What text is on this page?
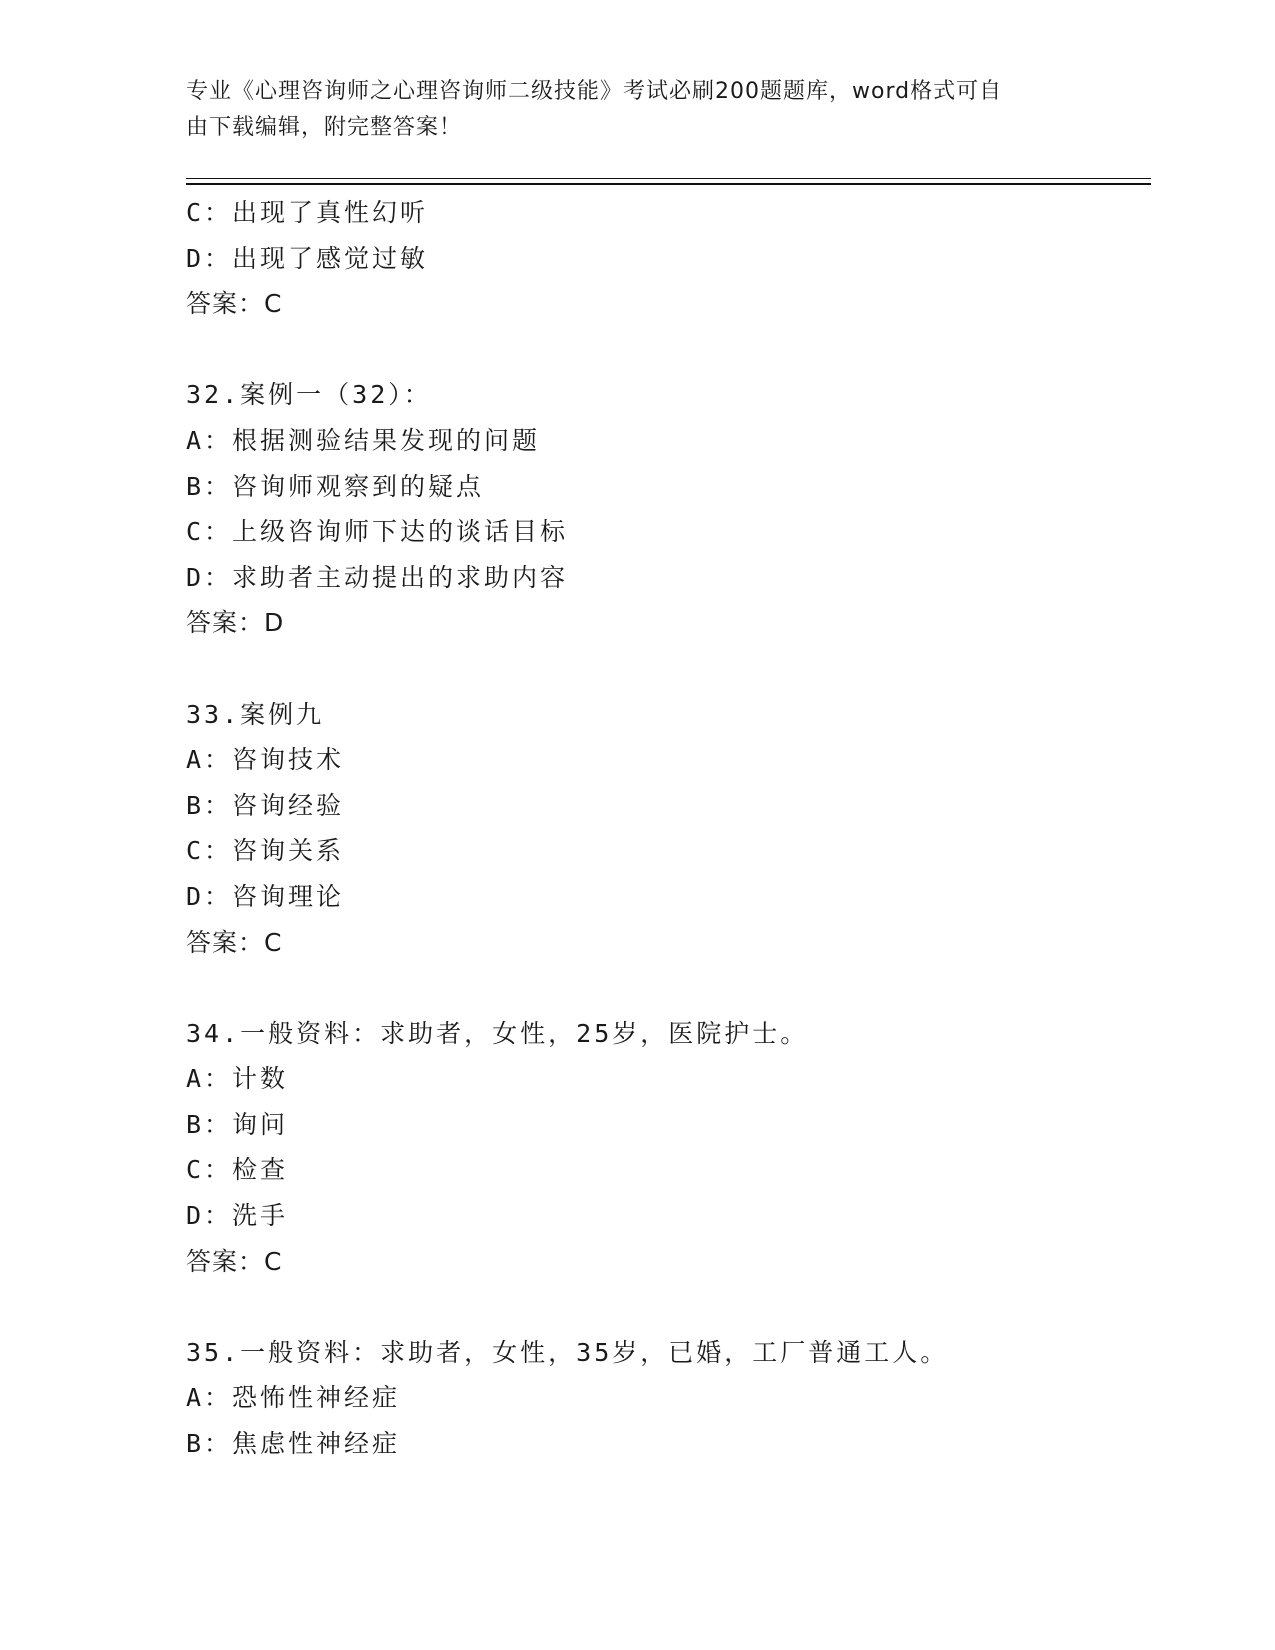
专业《心理咨询师之心理咨询师二级技能》考试必刷200题题库，word格式可自
由下载编辑，附完整答案！
C：出现了真性幻听
D：出现了感觉过敏
答案：C
32.案例一（32）：
A：根据测验结果发现的问题
B：咨询师观察到的疑点
C：上级咨询师下达的谈话目标
D：求助者主动提出的求助内容
答案：D
33.案例九
A：咨询技术
B：咨询经验
C：咨询关系
D：咨询理论
答案：C
34.一般资料：求助者，女性，25岁，医院护士。
A：计数
B：询问
C：检查
D：洗手
答案：C
35.一般资料：求助者，女性，35岁，已婚，工厂普通工人。
A：恐怖性神经症
B：焦虑性神经症
